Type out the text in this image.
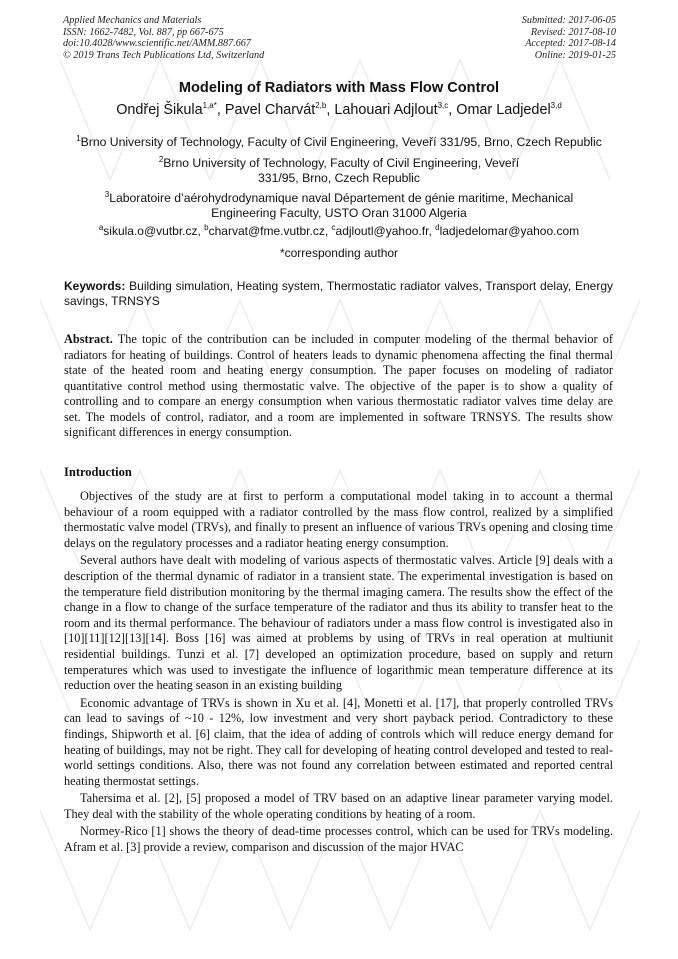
Applied Mechanics and Materials
ISSN: 1662-7482, Vol. 887, pp 667-675
doi:10.4028/www.scientific.net/AMM.887.667
© 2019 Trans Tech Publications Ltd, Switzerland
Submitted: 2017-06-05
Revised: 2017-08-10
Accepted: 2017-08-14
Online: 2019-01-25
Modeling of Radiators with Mass Flow Control
Ondřej Šikula$^{1,a*}$, Pavel Charvát$^{2,b}$, Lahouari Adjlout$^{3,c}$, Omar Ladjedel$^{3,d}$
$^1$Brno University of Technology, Faculty of Civil Engineering, Veveří 331/95, Brno, Czech Republic
$^2$Brno University of Technology, Faculty of Civil Engineering, Veveří 331/95, Brno, Czech Republic
$^3$Laboratoire d’aérohydrodynamique naval Département de génie maritime, Mechanical Engineering Faculty, USTO Oran 31000 Algeria
$^a$sikula.o@vutbr.cz, $^b$charvat@fme.vutbr.cz, $^c$adjloutl@yahoo.fr, $^d$ladjedelomar@yahoo.com
*corresponding author
Keywords: Building simulation, Heating system, Thermostatic radiator valves, Transport delay, Energy savings, TRNSYS
Abstract. The topic of the contribution can be included in computer modeling of the thermal behavior of radiators for heating of buildings. Control of heaters leads to dynamic phenomena affecting the final thermal state of the heated room and heating energy consumption. The paper focuses on modeling of radiator quantitative control method using thermostatic valve. The objective of the paper is to show a quality of controlling and to compare an energy consumption when various thermostatic radiator valves time delay are set. The models of control, radiator, and a room are implemented in software TRNSYS. The results show significant differences in energy consumption.
Introduction

Objectives of the study are at first to perform a computational model taking in to account a thermal behaviour of a room equipped with a radiator controlled by the mass flow control, realized by a simplified thermostatic valve model (TRVs), and finally to present an influence of various TRVs opening and closing time delays on the regulatory processes and a radiator heating energy consumption.

Several authors have dealt with modeling of various aspects of thermostatic valves. Article [9] deals with a description of the thermal dynamic of radiator in a transient state. The experimental investigation is based on the temperature field distribution monitoring by the thermal imaging camera. The results show the effect of the change in a flow to change of the surface temperature of the radiator and thus its ability to transfer heat to the room and its thermal performance. The behaviour of radiators under a mass flow control is investigated also in [10][11][12][13][14]. Boss [16] was aimed at problems by using of TRVs in real operation at multiunit residential buildings. Tunzi et al. [7] developed an optimization procedure, based on supply and return temperatures which was used to investigate the influence of logarithmic mean temperature difference at its reduction over the heating season in an existing building

Economic advantage of TRVs is shown in Xu et al. [4], Monetti et al. [17], that properly controlled TRVs can lead to savings of ~10 - 12%, low investment and very short payback period. Contradictory to these findings, Shipworth et al. [6] claim, that the idea of adding of controls which will reduce energy demand for heating of buildings, may not be right. They call for developing of heating control developed and tested to real-world settings conditions. Also, there was not found any correlation between estimated and reported central heating thermostat settings.

Tahersima et al. [2], [5] proposed a model of TRV based on an adaptive linear parameter varying model. They deal with the stability of the whole operating conditions by heating of a room.

Normey-Rico [1] shows the theory of dead-time processes control, which can be used for TRVs modeling. Afram et al. [3] provide a review, comparison and discussion of the major HVAC
